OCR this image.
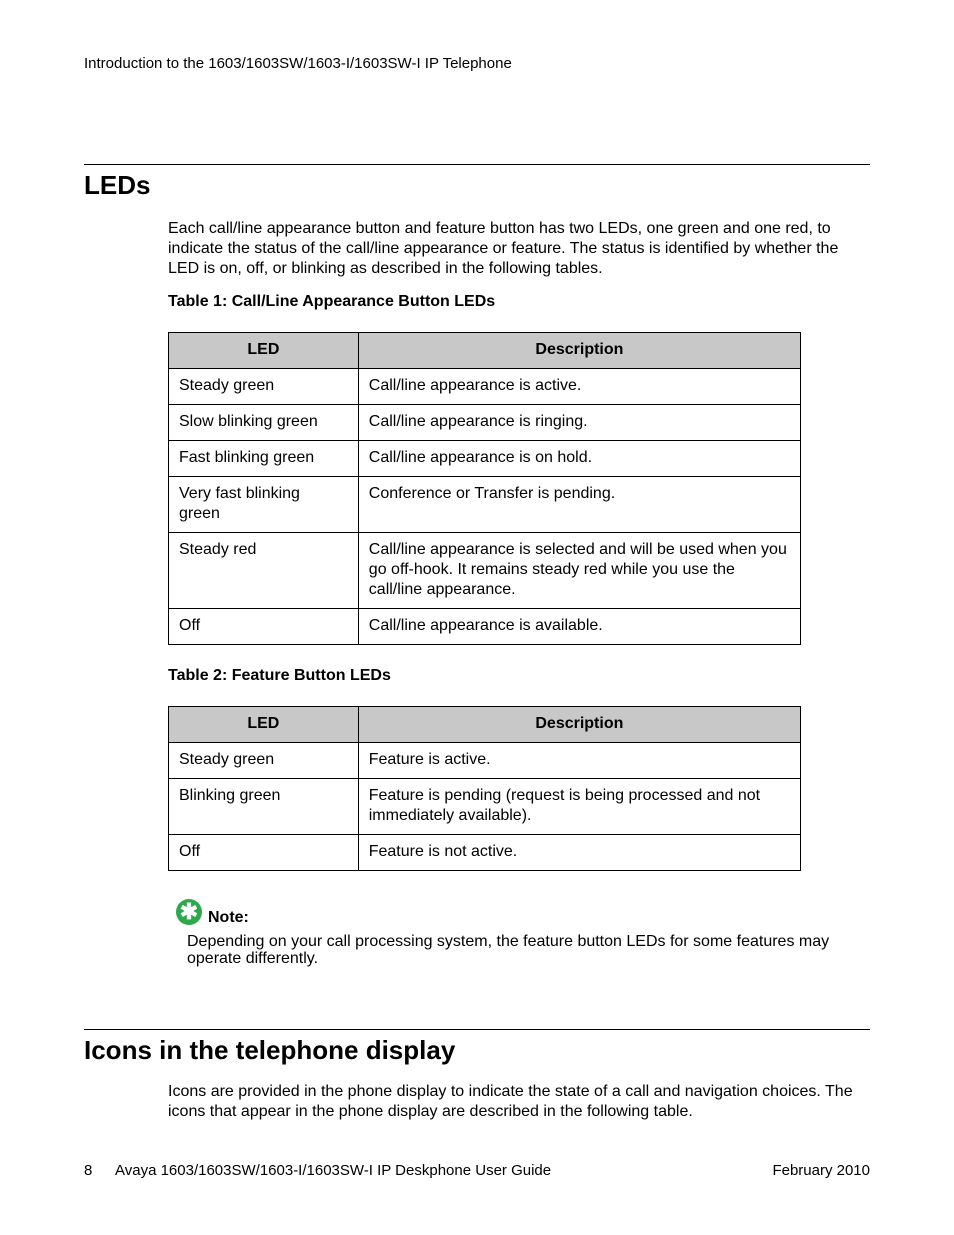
Introduction to the 1603/1603SW/1603-I/1603SW-I IP Telephone
LEDs

Each call/line appearance button and feature button has two LEDs, one green and one red, to indicate the status of the call/line appearance or feature. The status is identified by whether the LED is on, off, or blinking as described in the following tables.

Table 1: Call/Line Appearance Button LEDs
LED	Description
Steady green	Call/line appearance is active.
Slow blinking green	Call/line appearance is ringing.
Fast blinking green	Call/line appearance is on hold.
Very fast blinking green	Conference or Transfer is pending.
Steady red	Call/line appearance is selected and will be used when you go off-hook. It remains steady red while you use the call/line appearance.
Off	Call/line appearance is available.
Table 2: Feature Button LEDs
LED	Description
Steady green	Feature is active.
Blinking green	Feature is pending (request is being processed and not immediately available).
Off	Feature is not active.
✱ Note:

Depending on your call processing system, the feature button LEDs for some features may operate differently.

Icons in the telephone display

Icons are provided in the phone display to indicate the state of a call and navigation choices. The icons that appear in the phone display are described in the following table.

8 Avaya 1603/1603SW/1603-I/1603SW-I IP Deskphone User Guide	February 2010
